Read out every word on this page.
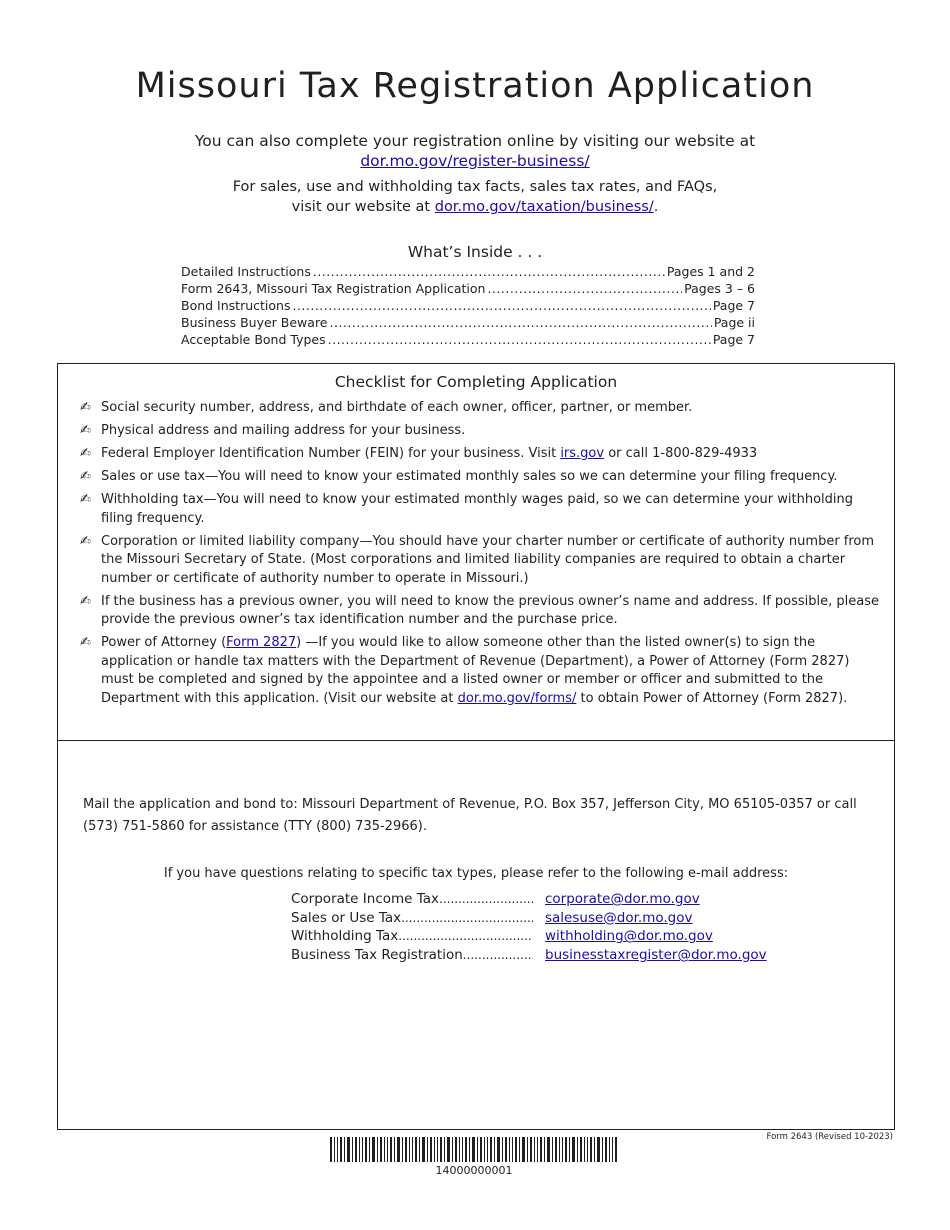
Missouri Tax Registration Application
You can also complete your registration online by visiting our website at
dor.mo.gov/register-business/
For sales, use and withholding tax facts, sales tax rates, and FAQs,
visit our website at dor.mo.gov/taxation/business/.
What’s Inside . . .
Detailed Instructions .....	Pages 1 and 2
Form 2643, Missouri Tax Registration Application .....	Pages 3 – 6
Bond Instructions .....	Page 7
Business Buyer Beware .....	Page ii
Acceptable Bond Types .....	Page 7
Checklist for Completing Application
✍ Social security number, address, and birthdate of each owner, officer, partner, or member.
✍ Physical address and mailing address for your business.
✍ Federal Employer Identification Number (FEIN) for your business. Visit irs.gov or call 1-800-829-4933
✍ Sales or use tax—You will need to know your estimated monthly sales so we can determine your filing frequency.
✍ Withholding tax—You will need to know your estimated monthly wages paid, so we can determine your withholding filing frequency.
✍ Corporation or limited liability company—You should have your charter number or certificate of authority number from the Missouri Secretary of State. (Most corporations and limited liability companies are required to obtain a charter number or certificate of authority number to operate in Missouri.)
✍ If the business has a previous owner, you will need to know the previous owner’s name and address. If possible, please provide the previous owner’s tax identification number and the purchase price.
✍ Power of Attorney (Form 2827) —If you would like to allow someone other than the listed owner(s) to sign the application or handle tax matters with the Department of Revenue (Department), a Power of Attorney (Form 2827) must be completed and signed by the appointee and a listed owner or member or officer and submitted to the Department with this application. (Visit our website at dor.mo.gov/forms/ to obtain Power of Attorney (Form 2827).
Mail the application and bond to: Missouri Department of Revenue, P.O. Box 357, Jefferson City, MO 65105-0357 or call (573) 751-5860 for assistance (TTY (800) 735-2966).
If you have questions relating to specific tax types, please refer to the following e-mail address:
Corporate Income Tax .....	corporate@dor.mo.gov
Sales or Use Tax .....	salesuse@dor.mo.gov
Withholding Tax .....	withholding@dor.mo.gov
Business Tax Registration .....	businesstaxregister@dor.mo.gov
14000000001
Form 2643 (Revised 10-2023)
